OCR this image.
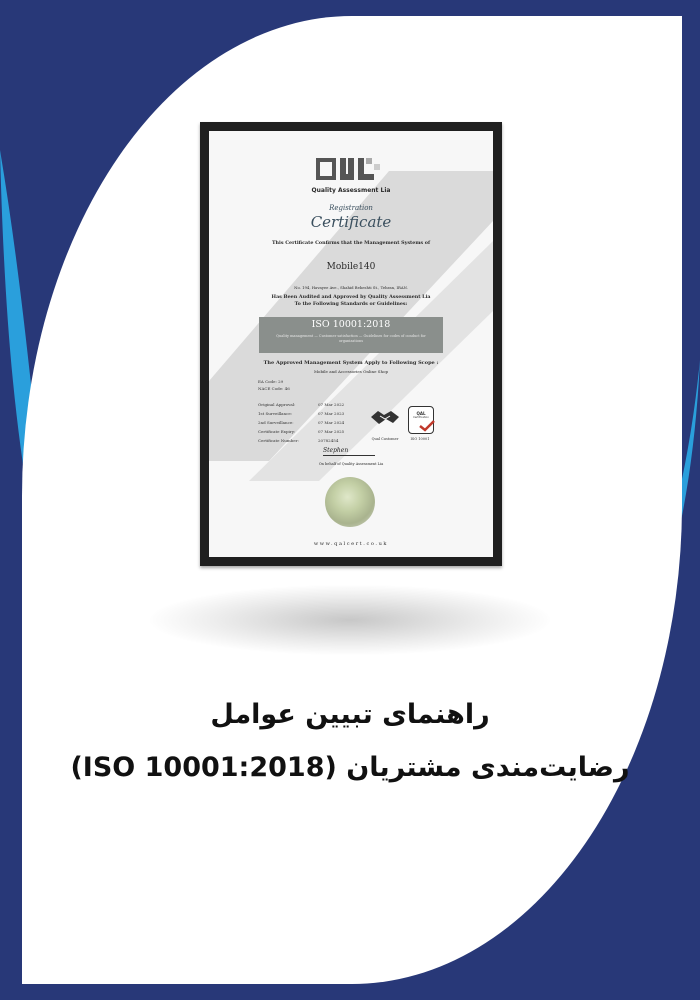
Quality Assessment Lia
Registration
Certificate
This Certificate Confirms that the Management Systems of
Mobile140
No. 194, Havayee Ave., Shahid Beheshti St., Tehran, IRAN.
Has Been Audited and Approved by Quality Assessment Lia
To the Following Standards or Guidelines:
ISO 10001:2018
Quality management — Customer satisfaction — Guidelines for codes of conduct for organizations
The Approved Management System Apply to Following Scope :
Mobile and Accessories Online Shop
EA Code: 29
NACE Code: 46
Original Approval:	07 Mar 2022
1st Surveillance:	07 Mar 2023
2nd Surveillance:	07 Mar 2024
Certificate Expiry:	07 Mar 2025
Certificate Number:	20782454	Qual Customer
QAL
Certification
ISO 10001
Stephen
On behalf of Quality Assessment Lia
www.qalcert.co.uk
راهنمای تبیین عوامل
رضایت‌مندی مشتریان (ISO 10001:2018)
